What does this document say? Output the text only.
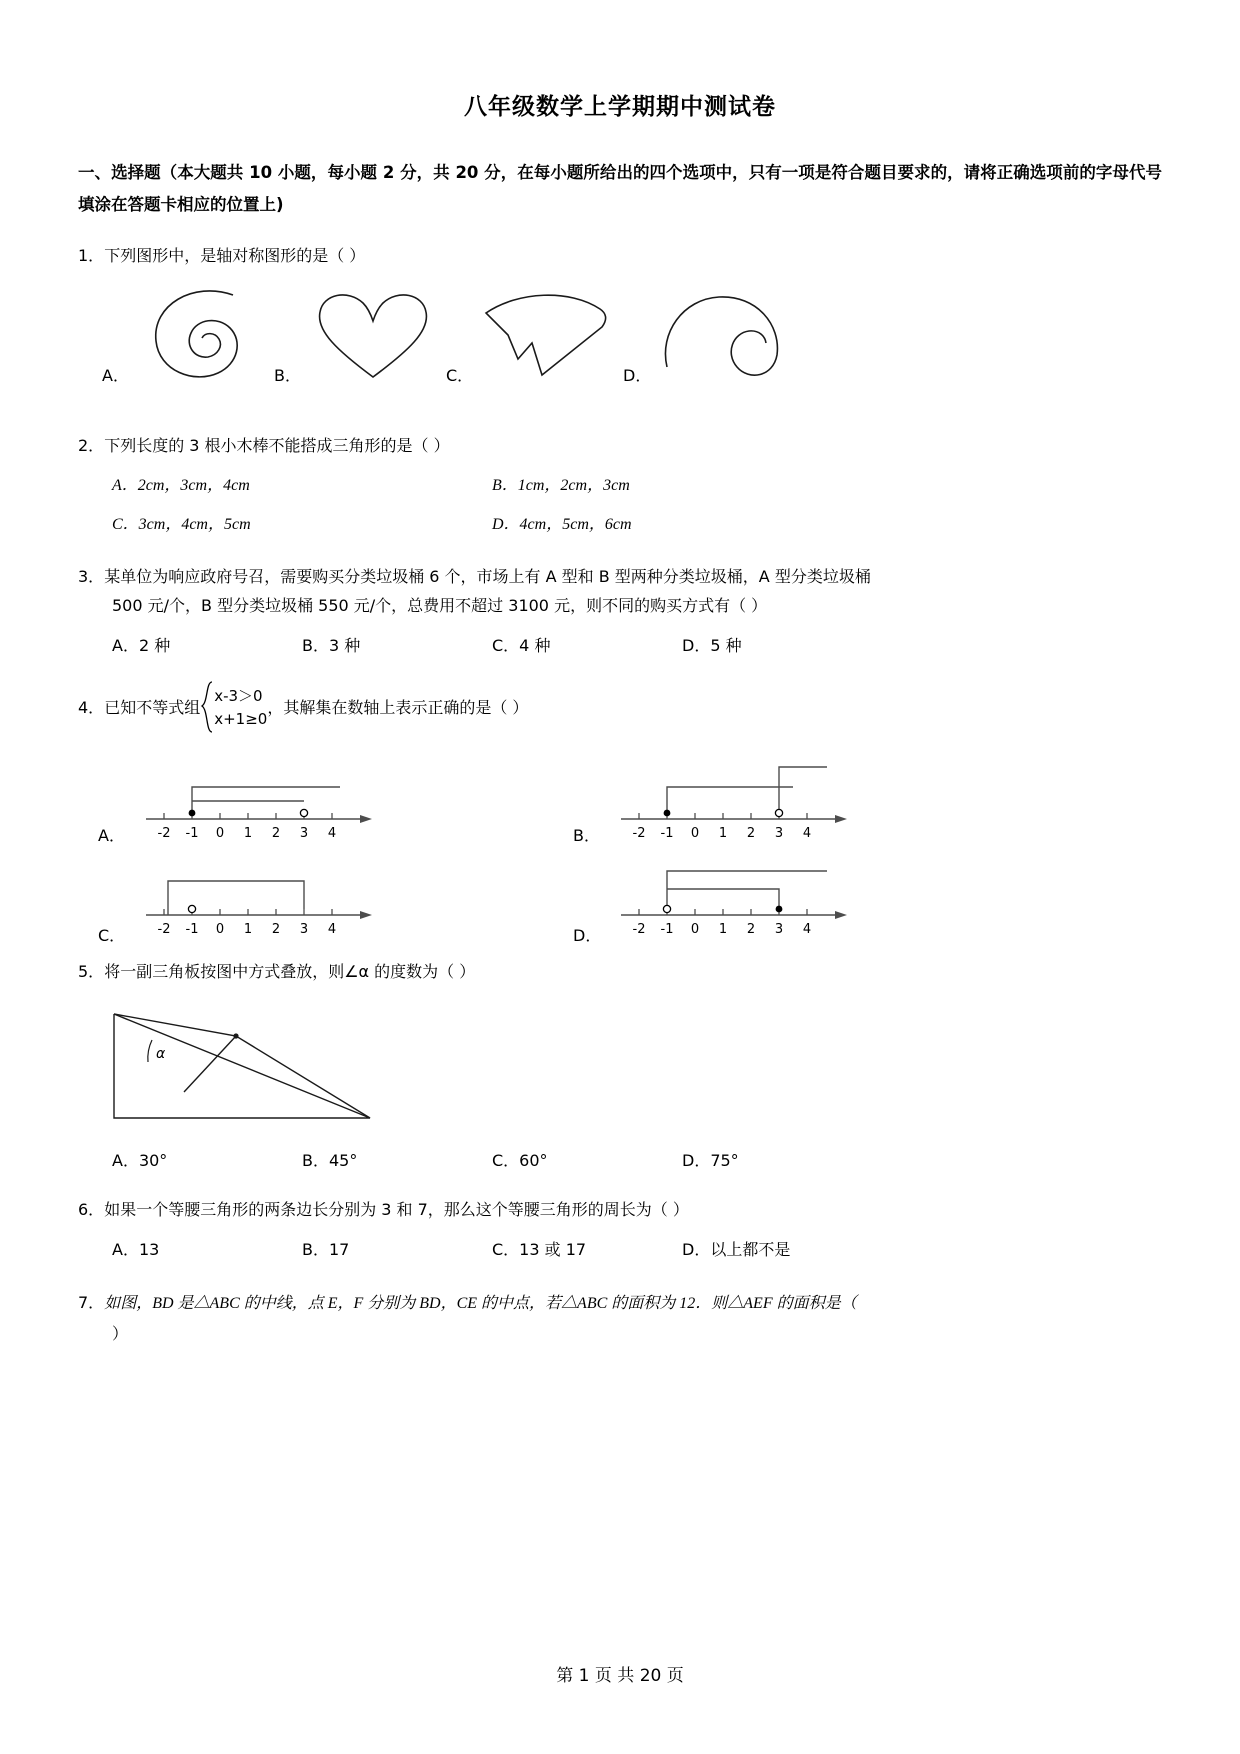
八年级数学上学期期中测试卷
一、选择题（本大题共 10 小题，每小题 2 分，共 20 分，在每小题所给出的四个选项中，只有一项是符合题目要求的，请将正确选项前的字母代号填涂在答题卡相应的位置上)
1．下列图形中，是轴对称图形的是（ ）
A．	B．	C．	D．
2．下列长度的 3 根小木棒不能搭成三角形的是（ ）
A．2cm，3cm，4cm	B．1cm，2cm，3cm
C．3cm，4cm，5cm	D．4cm，5cm，6cm
3．某单位为响应政府号召，需要购买分类垃圾桶 6 个，市场上有 A 型和 B 型两种分类垃圾桶，A 型分类垃圾桶
500 元/个，B 型分类垃圾桶 550 元/个，总费用不超过 3100 元，则不同的购买方式有（ ）
A．2 种	B．3 种	C．4 种	D．5 种
4． 已知不等式组
x-3＞0
x+1≥0
，其解集在数轴上表示正确的是（ ）
A．	-2 -1 0 1 2 3 4	B．	-2 -1 0 1 2 3 4
C． -2 -1 0 1 2 3 4	D． -2 -1 0 1 2 3 4
5．将一副三角板按图中方式叠放，则∠α 的度数为（ ）
α
A．30°	B．45°	C．60°	D．75°
6．如果一个等腰三角形的两条边长分别为 3 和 7，那么这个等腰三角形的周长为（ ）
A．13	B．17	C．13 或 17	D．以上都不是
7．如图，BD 是△ABC 的中线，点 E，F 分别为 BD，CE 的中点，若△ABC 的面积为 12．则△AEF 的面积是（
）
第 1 页 共 20 页
